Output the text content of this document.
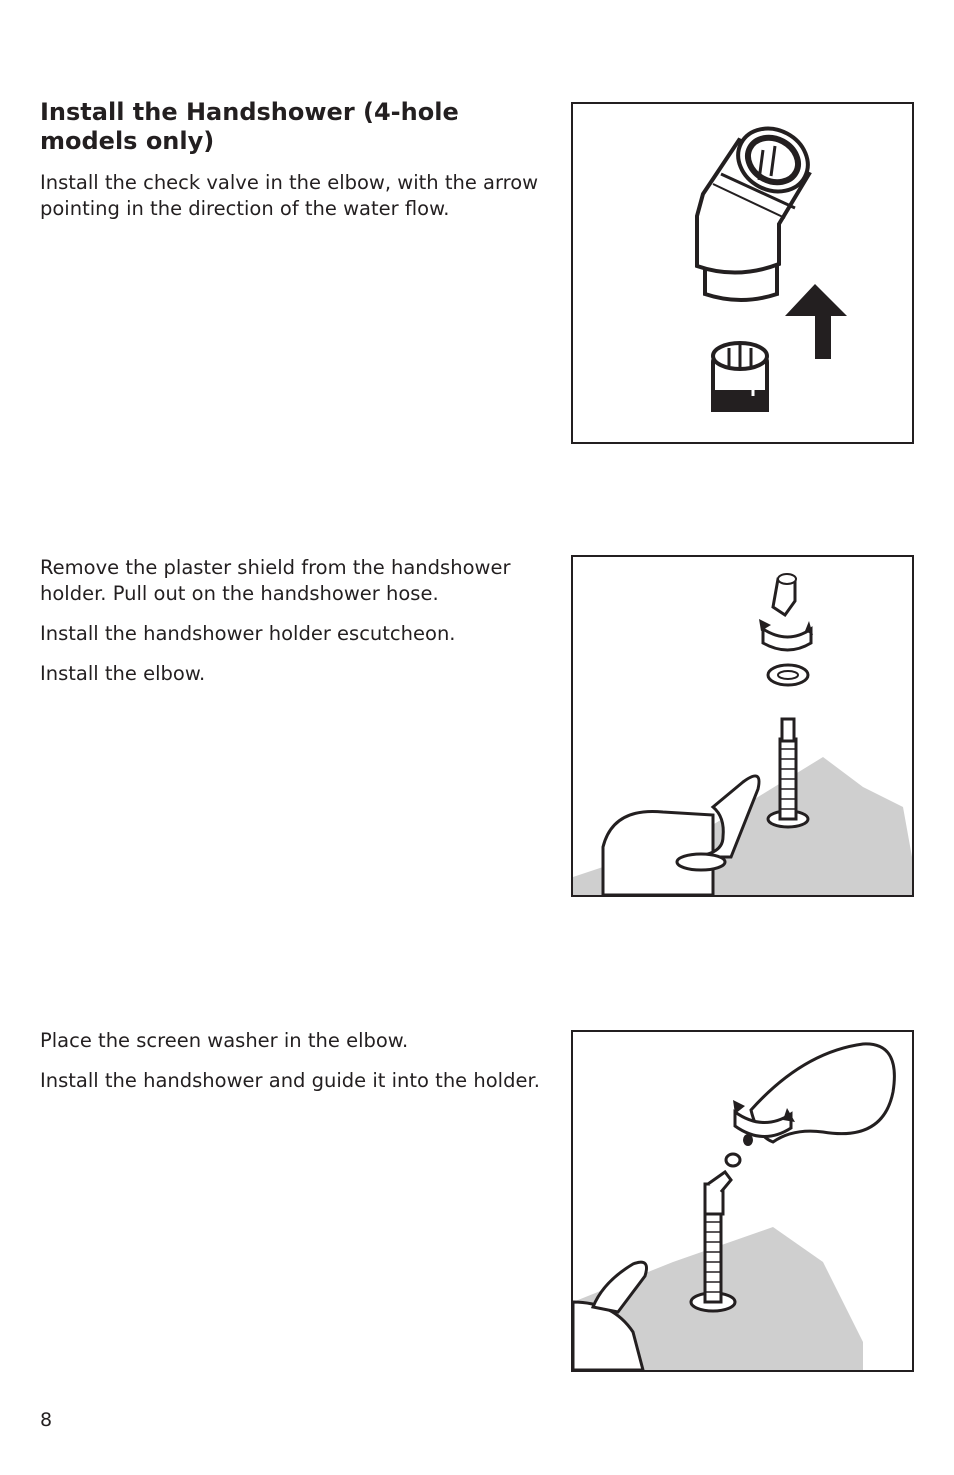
Install the Handshower (4-hole models only)

Install the check valve in the elbow, with the arrow pointing in the direction of the water flow.

Remove the plaster shield from the handshower holder. Pull out on the handshower hose.

Install the handshower holder escutcheon.

Install the elbow.

Place the screen washer in the elbow.

Install the handshower and guide it into the holder.

8
